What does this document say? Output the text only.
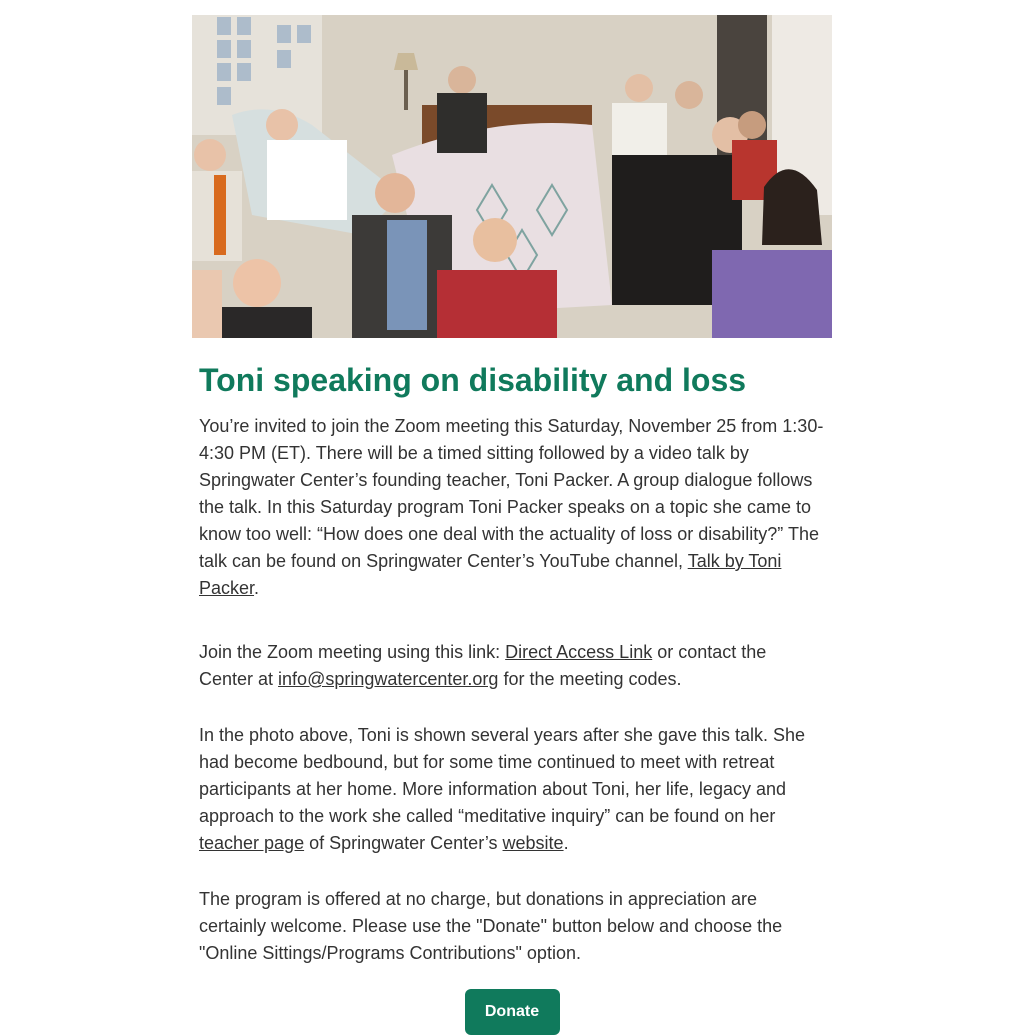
Toni speaking on disability and loss

You’re invited to join the Zoom meeting this Saturday, November 25 from 1:30-4:30 PM (ET). There will be a timed sitting followed by a video talk by Springwater Center’s founding teacher, Toni Packer. A group dialogue follows the talk. In this Saturday program Toni Packer speaks on a topic she came to know too well: “How does one deal with the actuality of loss or disability?” The talk can be found on Springwater Center’s YouTube channel, Talk by Toni Packer.

Join the Zoom meeting using this link: Direct Access Link or contact the Center at info@springwatercenter.org for the meeting codes.

In the photo above, Toni is shown several years after she gave this talk. She had become bedbound, but for some time continued to meet with retreat participants at her home. More information about Toni, her life, legacy and approach to the work she called “meditative inquiry” can be found on her teacher page of Springwater Center’s website.

The program is offered at no charge, but donations in appreciation are certainly welcome. Please use the "Donate" button below and choose the "Online Sittings/Programs Contributions" option.

Donate
